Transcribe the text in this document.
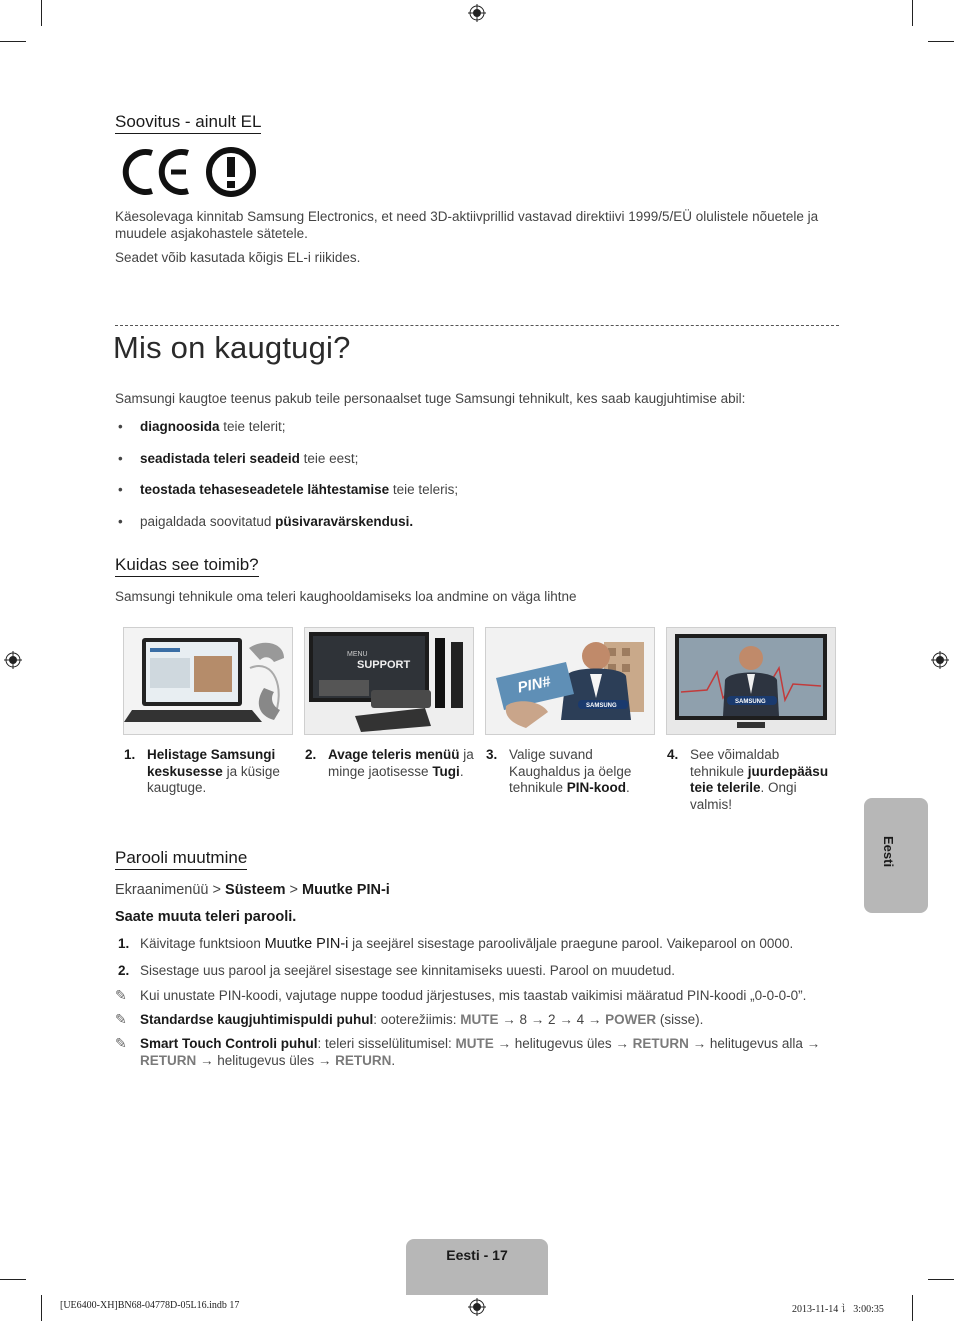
Soovitus - ainult EL
Käesolevaga kinnitab Samsung Electronics, et need 3D-aktiivprillid vastavad direktiivi 1999/5/EÜ olulistele nõuetele ja muudele asjakohastele sätetele.
Seadet võib kasutada kõigis EL-i riikides.
Mis on kaugtugi?
Samsungi kaugtoe teenus pakub teile personaalset tuge Samsungi tehnikult, kes saab kaugjuhtimise abil:
• diagnoosida teie telerit;
• seadistada teleri seadeid teie eest;
• teostada tehaseseadetele lähtestamise teie teleris;
• paigaldada soovitatud püsivaravärskendusi.
Kuidas see toimib?
Samsungi tehnikule oma teleri kaughooldamiseks loa andmine on väga lihtne
MENU
SUPPORT
PIN#
SAMSUNG
SAMSUNG
1. Helistage Samsungi keskusesse ja küsige kaugtuge.
2. Avage teleris menüü ja minge jaotisesse Tugi.
3. Valige suvand Kaughaldus ja öelge tehnikule PIN-kood.
4. See võimaldab tehnikule juurdepääsu teie telerile. Ongi valmis!
Parooli muutmine
Ekraanimenüü > Süsteem > Muutke PIN-i
Saate muuta teleri parooli.
1. Käivitage funktsioon Muutke PIN-i ja seejärel sisestage paroolivāljale praegune parool. Vaikeparool on 0000.
2. Sisestage uus parool ja seejärel sisestage see kinnitamiseks uuesti. Parool on muudetud.
✎ Kui unustate PIN-koodi, vajutage nuppe toodud järjestuses, mis taastab vaikimisi määratud PIN-koodi „0-0-0-0”.
✎ Standardse kaugjuhtimispuldi puhul: ooterežiimis: MUTE → 8 → 2 → 4 → POWER (sisse).
✎ Smart Touch Controli puhul: teleri sisselülitumisel: MUTE → helitugevus üles → RETURN → helitugevus alla → RETURN → helitugevus üles → RETURN.
Eesti
Eesti - 17
[UE6400-XH]BN68-04778D-05L16.indb 17	2013-11-14 讠 3:00:35
